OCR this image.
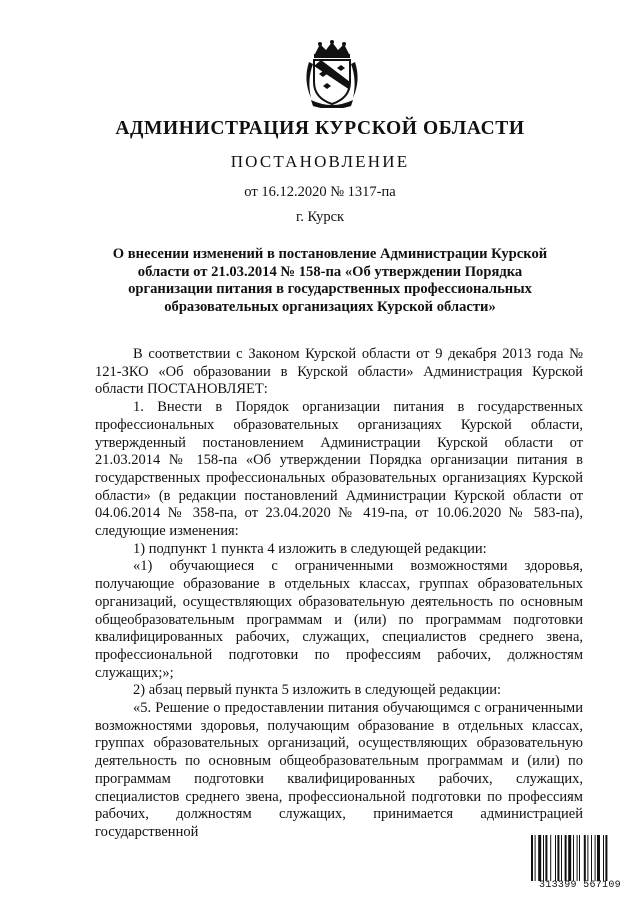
АДМИНИСТРАЦИЯ КУРСКОЙ ОБЛАСТИ
ПОСТАНОВЛЕНИЕ
от 16.12.2020 № 1317-па
г. Курск
О внесении изменений в постановление Администрации Курской области от 21.03.2014 № 158-па «Об утверждении Порядка организации питания в государственных профессиональных образовательных организациях Курской области»

В соответствии с Законом Курской области от 9 декабря 2013 года № 121-ЗКО «Об образовании в Курской области» Администрация Курской области ПОСТАНОВЛЯЕТ:

1. Внести в Порядок организации питания в государственных профессиональных образовательных организациях Курской области, утвержденный постановлением Администрации Курской области от 21.03.2014 № 158-па «Об утверждении Порядка организации питания в государственных профессиональных образовательных организациях Курской области» (в редакции постановлений Администрации Курской области от 04.06.2014 № 358-па, от 23.04.2020 № 419-па, от 10.06.2020 № 583-па), следующие изменения:

1) подпункт 1 пункта 4 изложить в следующей редакции:

«1) обучающиеся с ограниченными возможностями здоровья, получающие образование в отдельных классах, группах образовательных организаций, осуществляющих образовательную деятельность по основным общеобразовательным программам и (или) по программам подготовки квалифицированных рабочих, служащих, специалистов среднего звена, профессиональной подготовки по профессиям рабочих, должностям служащих;»;

2) абзац первый пункта 5 изложить в следующей редакции:

«5. Решение о предоставлении питания обучающимся с ограниченными возможностями здоровья, получающим образование в отдельных классах, группах образовательных организаций, осуществляющих образовательную деятельность по основным общеобразовательным программам и (или) по программам подготовки квалифицированных рабочих, служащих, специалистов среднего звена, профессиональной подготовки по профессиям рабочих, должностям служащих, принимается администрацией государственной

313399 567109
